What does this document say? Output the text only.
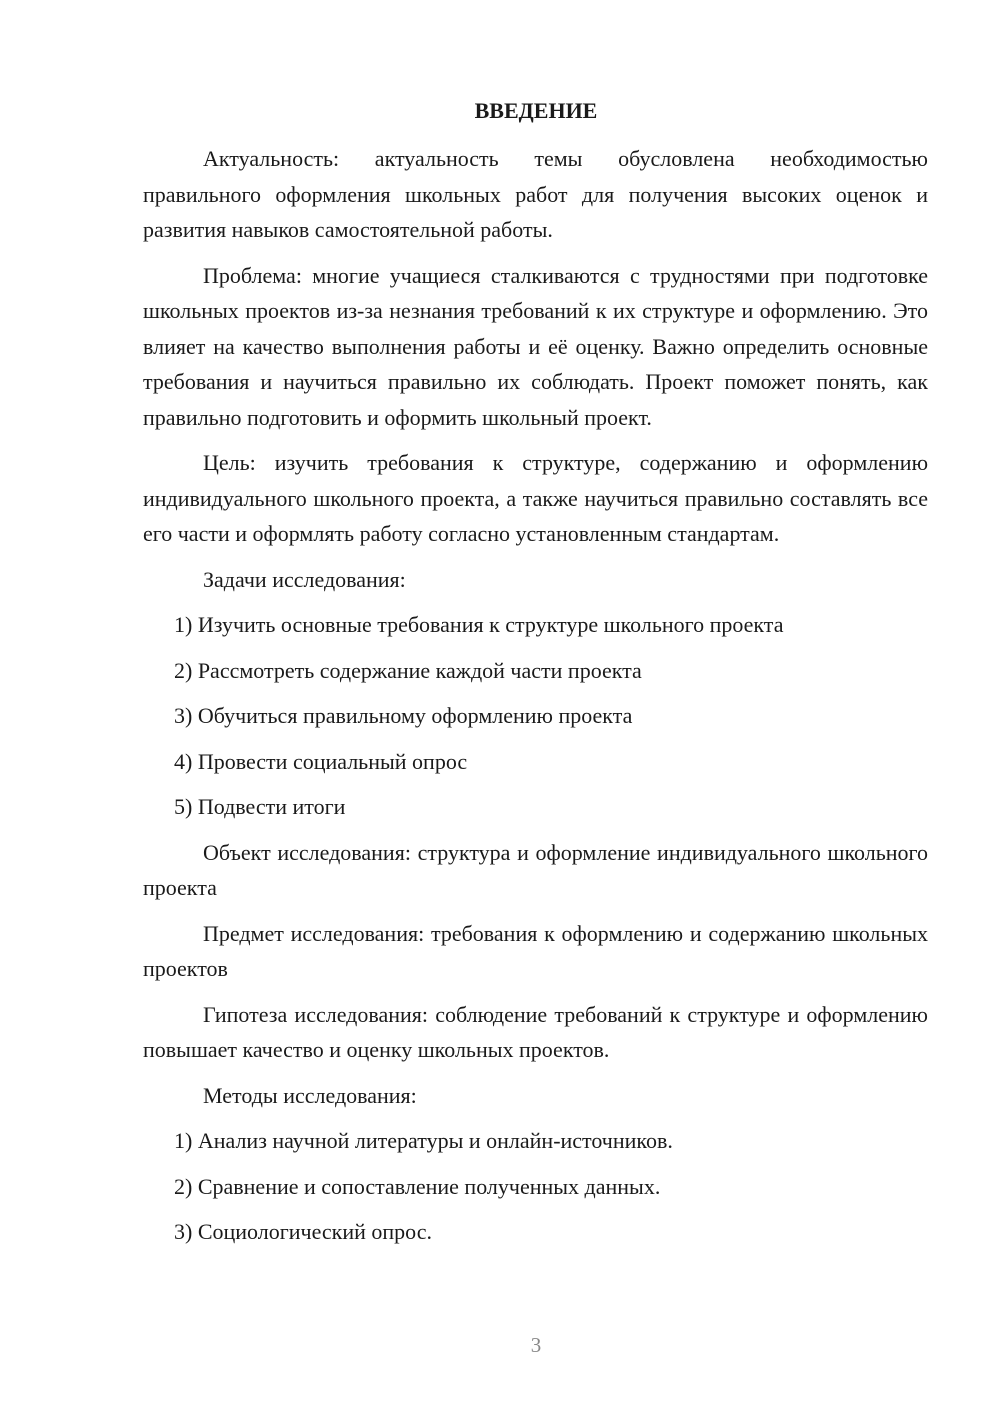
ВВЕДЕНИЕ

Актуальность: актуальность темы обусловлена необходимостью правильного оформления школьных работ для получения высоких оценок и развития навыков самостоятельной работы.

Проблема: многие учащиеся сталкиваются с трудностями при подготовке школьных проектов из-за незнания требований к их структуре и оформлению. Это влияет на качество выполнения работы и её оценку. Важно определить основные требования и научиться правильно их соблюдать. Проект поможет понять, как правильно подготовить и оформить школьный проект.

Цель: изучить требования к структуре, содержанию и оформлению индивидуального школьного проекта, а также научиться правильно составлять все его части и оформлять работу согласно установленным стандартам.

Задачи исследования:

1) Изучить основные требования к структуре школьного проекта

2) Рассмотреть содержание каждой части проекта

3) Обучиться правильному оформлению проекта

4) Провести социальный опрос

5) Подвести итоги

Объект исследования: структура и оформление индивидуального школьного проекта

Предмет исследования: требования к оформлению и содержанию школьных проектов

Гипотеза исследования: соблюдение требований к структуре и оформлению повышает качество и оценку школьных проектов.

Методы исследования:

1) Анализ научной литературы и онлайн-источников.

2) Сравнение и сопоставление полученных данных.

3) Социологический опрос.

3
